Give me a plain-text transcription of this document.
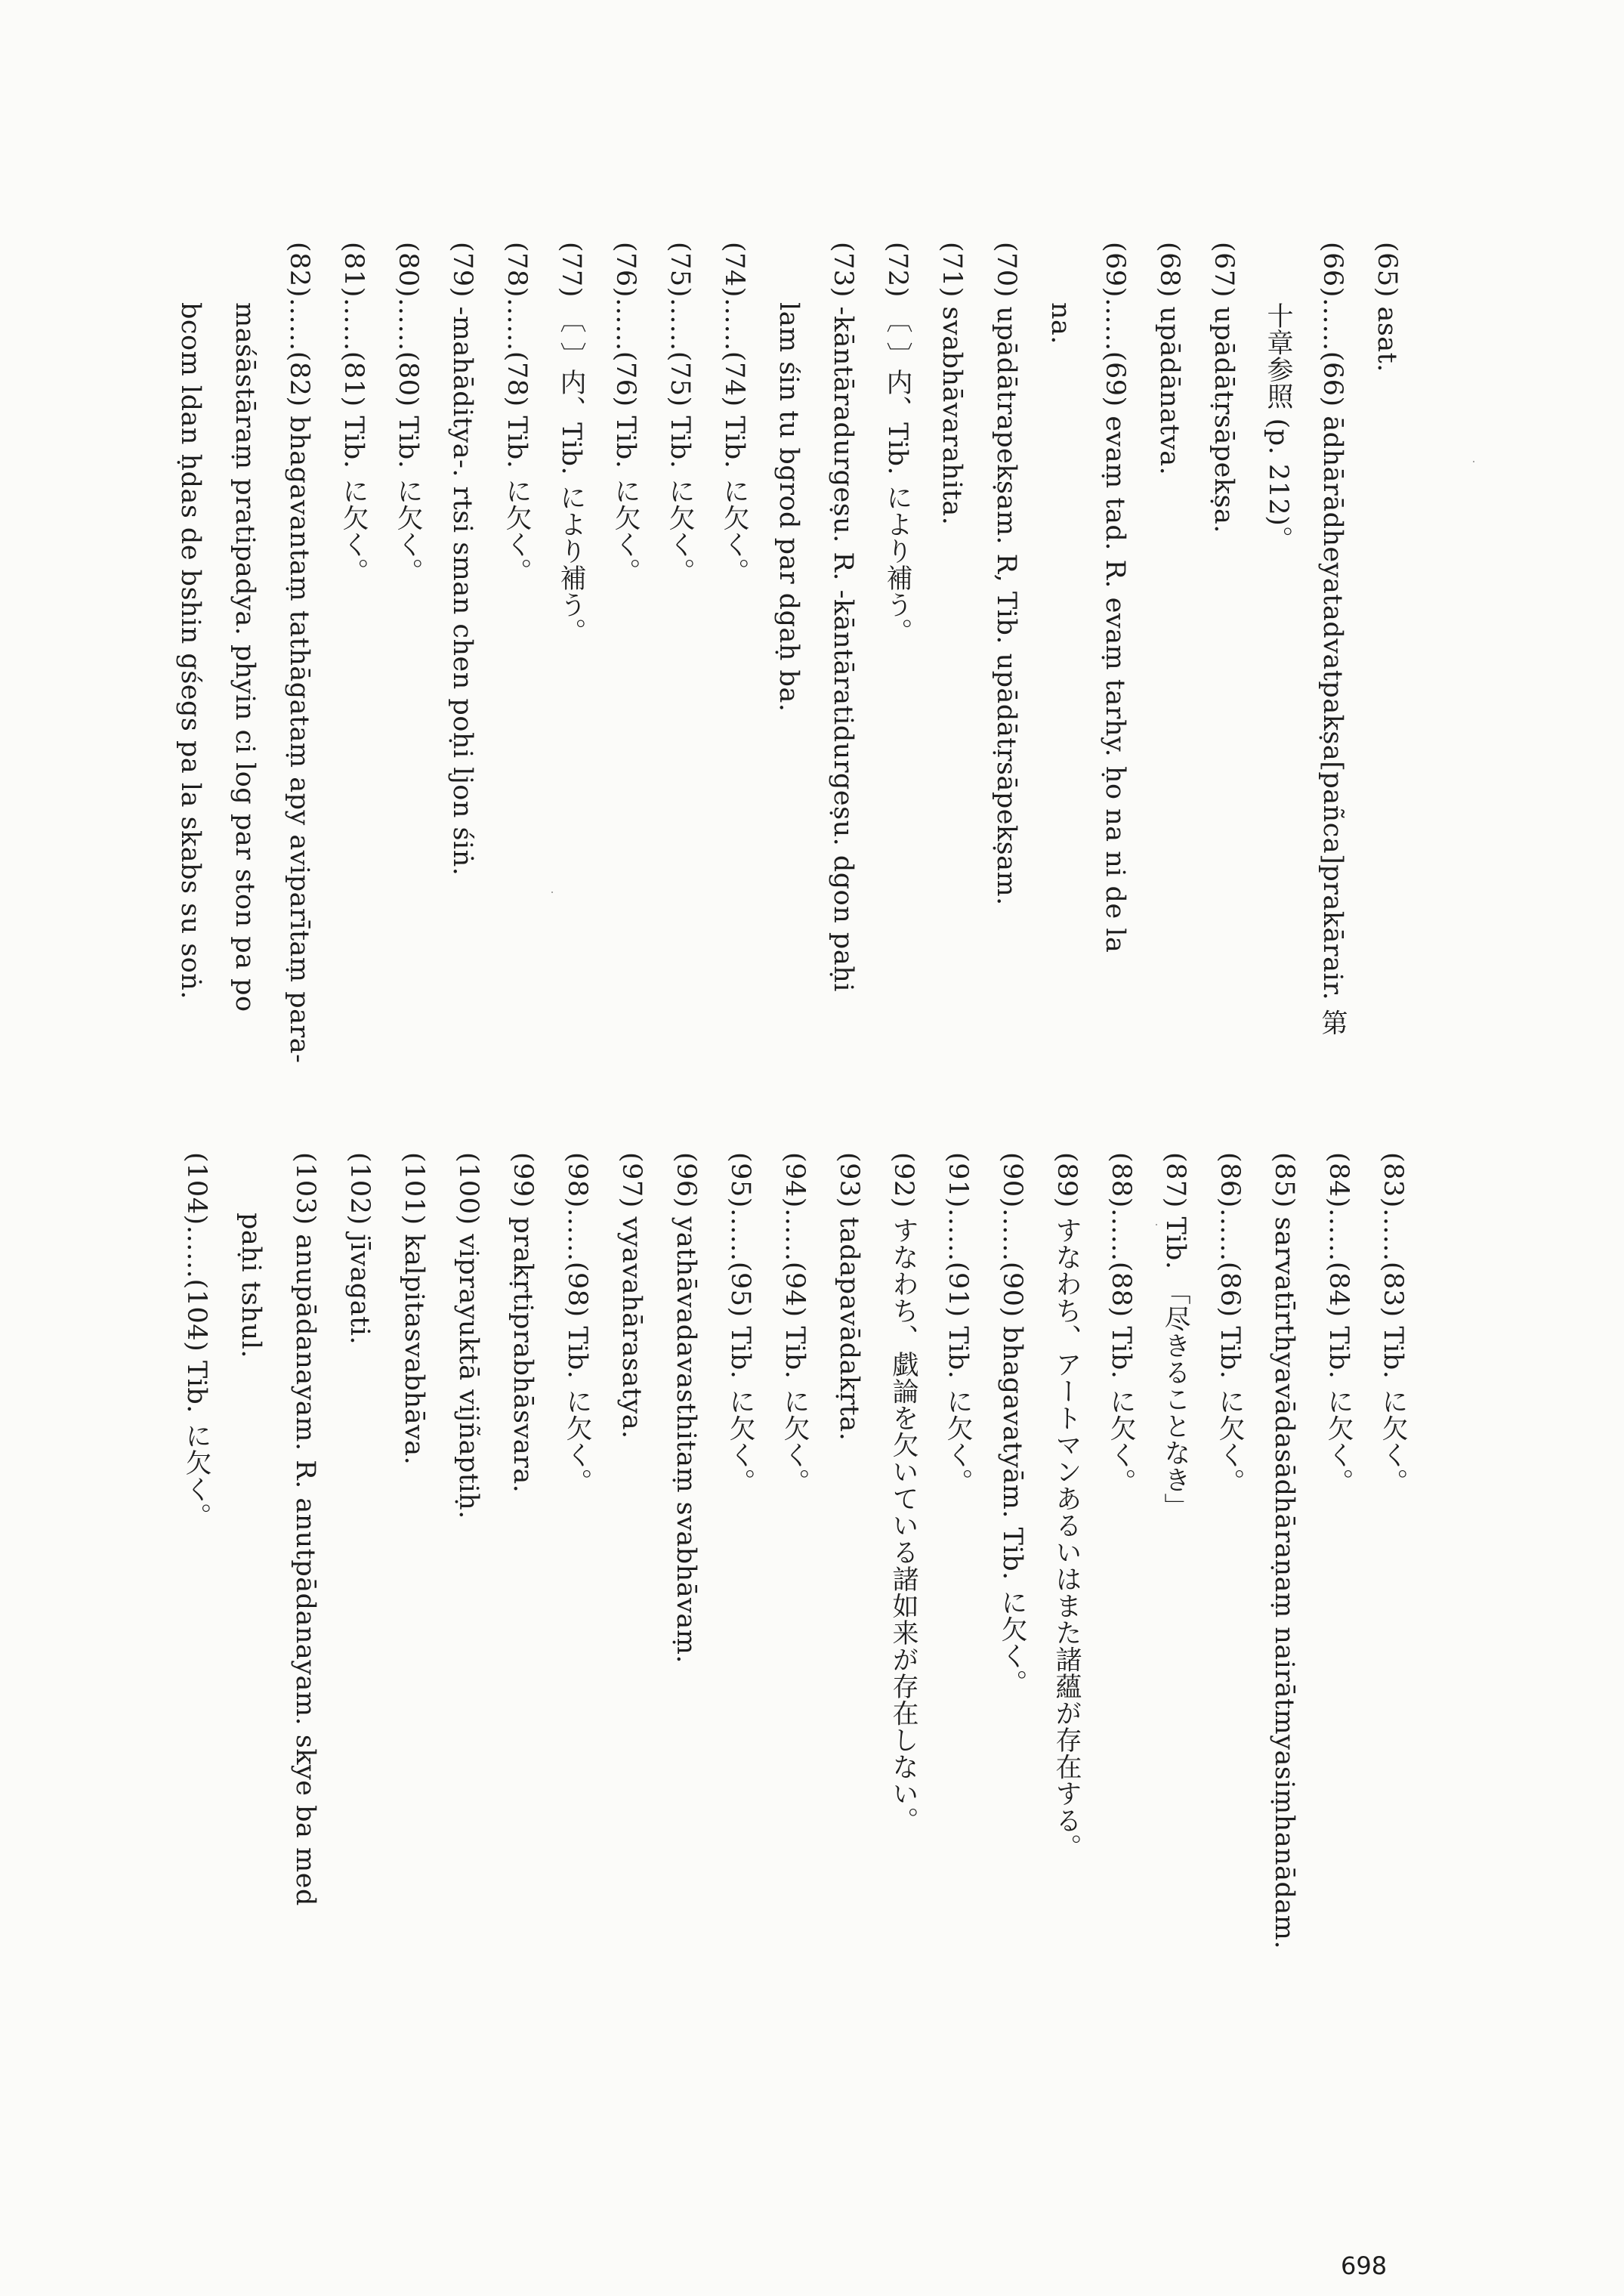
(83)……(83) Tib. に欠く。
(84)……(84) Tib. に欠く。
(85) sarvatīrthyavādasādhāraṇaṃ nairātmyasiṃhanādam.
(86)……(86) Tib. に欠く。
(87) Tib. 「尽きることなき」
(88)……(88) Tib. に欠く。
(89) すなわち、アートマンあるいはまた諸蘊が存在する。
(90)……(90) bhagavatyām. Tib. に欠く。
(91)……(91) Tib. に欠く。
(92) すなわち、戯論を欠いている諸如来が存在しない。
(93) tadapavādakṛta.
(94)……(94) Tib. に欠く。
(95)……(95) Tib. に欠く。
(96) yathāvadavasthitaṃ svabhāvaṃ.
(97) vyavahārasatya.
(98)……(98) Tib. に欠く。
(99) prakṛtiprabhāsvara.
(100) viprayuktā vijñaptiḥ.
(101) kalpitasvabhāva.
(102) jīvagati.
(103) anupādanayam. R. anutpādanayam. skye ba med
paḥi tshul.
(104)……(104) Tib. に欠く。
(65) asat.
(66)……(66) ādhārādheyatadvatpakṣa[pañca]prakārair. 第
十章参照 (p. 212)。
(67) upādātṛsāpekṣa.
(68) upādānatva.
(69)……(69) evaṃ tad. R. evaṃ tarhy. ḥo na ni de la
na.
(70) upādātrapekṣam. R, Tib. upādātṛsāpekṣam.
(71) svabhāvarahita.
(72) 〔 〕内、Tib. により補う。
(73) -kāntāradurgeṣu. R. -kāntāratidurgeṣu. dgon paḥi
lam śin tu bgrod par dgaḥ ba.
(74)……(74) Tib. に欠く。
(75)……(75) Tib. に欠く。
(76)……(76) Tib. に欠く。
(77) 〔 〕内、Tib. により補う。
(78)……(78) Tib. に欠く。
(79) -mahāditya-. rtsi sman chen poḥi ljon śiṅ.
(80)……(80) Tib. に欠く。
(81)……(81) Tib. に欠く。
(82)……(82) bhagavantaṃ tathāgataṃ apy aviparītaṃ para-
maśāstāraṃ pratipadya. phyin ci log par ston pa po
bcom ldan ḥdas de bshin gśegs pa la skabs su soṅ.
698
